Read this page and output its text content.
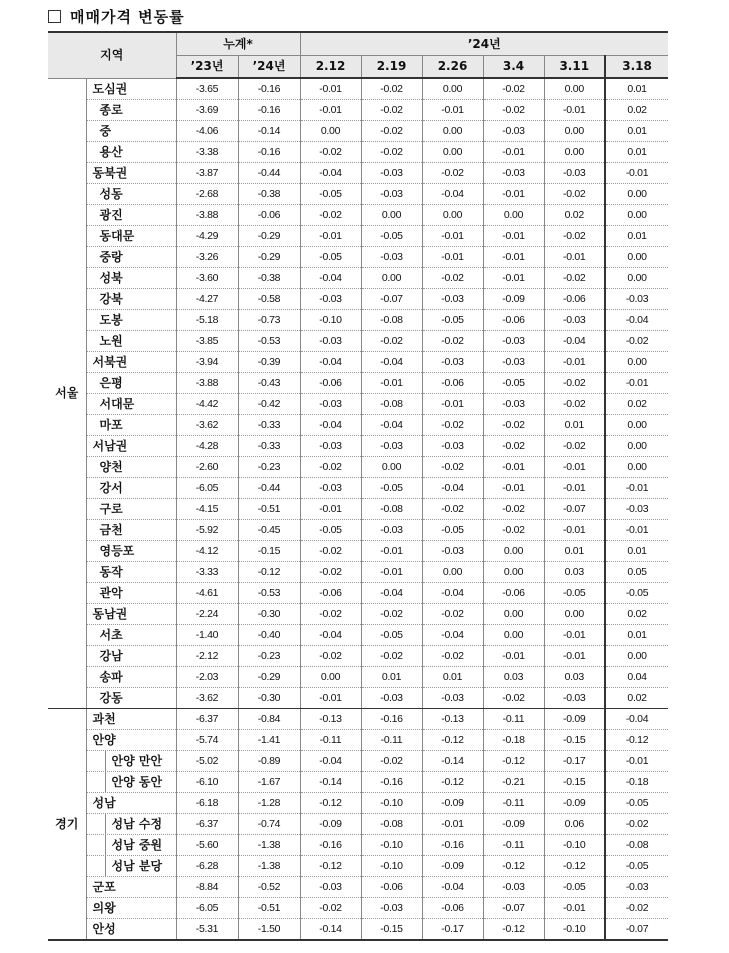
매매가격 변동률
지역		누계*		’24년					
		’23년	’24년	2.12	2.19	2.26	3.4	3.11	3.18
서울	도심권	-3.65	-0.16	-0.01	-0.02	0.00	-0.02	0.00	0.01
	종로	-3.69	-0.16	-0.01	-0.02	-0.01	-0.02	-0.01	0.02
	중	-4.06	-0.14	0.00	-0.02	0.00	-0.03	0.00	0.01
	용산	-3.38	-0.16	-0.02	-0.02	0.00	-0.01	0.00	0.01
	동북권	-3.87	-0.44	-0.04	-0.03	-0.02	-0.03	-0.03	-0.01
	성동	-2.68	-0.38	-0.05	-0.03	-0.04	-0.01	-0.02	0.00
	광진	-3.88	-0.06	-0.02	0.00	0.00	0.00	0.02	0.00
	동대문	-4.29	-0.29	-0.01	-0.05	-0.01	-0.01	-0.02	0.01
	중랑	-3.26	-0.29	-0.05	-0.03	-0.01	-0.01	-0.01	0.00
	성북	-3.60	-0.38	-0.04	0.00	-0.02	-0.01	-0.02	0.00
	강북	-4.27	-0.58	-0.03	-0.07	-0.03	-0.09	-0.06	-0.03
	도봉	-5.18	-0.73	-0.10	-0.08	-0.05	-0.06	-0.03	-0.04
	노원	-3.85	-0.53	-0.03	-0.02	-0.02	-0.03	-0.04	-0.02
	서북권	-3.94	-0.39	-0.04	-0.04	-0.03	-0.03	-0.01	0.00
	은평	-3.88	-0.43	-0.06	-0.01	-0.06	-0.05	-0.02	-0.01
	서대문	-4.42	-0.42	-0.03	-0.08	-0.01	-0.03	-0.02	0.02
	마포	-3.62	-0.33	-0.04	-0.04	-0.02	-0.02	0.01	0.00
	서남권	-4.28	-0.33	-0.03	-0.03	-0.03	-0.02	-0.02	0.00
	양천	-2.60	-0.23	-0.02	0.00	-0.02	-0.01	-0.01	0.00
	강서	-6.05	-0.44	-0.03	-0.05	-0.04	-0.01	-0.01	-0.01
	구로	-4.15	-0.51	-0.01	-0.08	-0.02	-0.02	-0.07	-0.03
	금천	-5.92	-0.45	-0.05	-0.03	-0.05	-0.02	-0.01	-0.01
	영등포	-4.12	-0.15	-0.02	-0.01	-0.03	0.00	0.01	0.01
	동작	-3.33	-0.12	-0.02	-0.01	0.00	0.00	0.03	0.05
	관악	-4.61	-0.53	-0.06	-0.04	-0.04	-0.06	-0.05	-0.05
	동남권	-2.24	-0.30	-0.02	-0.02	-0.02	0.00	0.00	0.02
	서초	-1.40	-0.40	-0.04	-0.05	-0.04	0.00	-0.01	0.01
	강남	-2.12	-0.23	-0.02	-0.02	-0.02	-0.01	-0.01	0.00
	송파	-2.03	-0.29	0.00	0.01	0.01	0.03	0.03	0.04
	강동	-3.62	-0.30	-0.01	-0.03	-0.03	-0.02	-0.03	0.02
경기	과천	-6.37	-0.84	-0.13	-0.16	-0.13	-0.11	-0.09	-0.04
	안양	-5.74	-1.41	-0.11	-0.11	-0.12	-0.18	-0.15	-0.12

	안양 만안	-5.02	-0.89	-0.04	-0.02	-0.14	-0.12	-0.17	-0.01

	안양 동안	-6.10	-1.67	-0.14	-0.16	-0.12	-0.21	-0.15	-0.18
	성남	-6.18	-1.28	-0.12	-0.10	-0.09	-0.11	-0.09	-0.05

	성남 수정	-6.37	-0.74	-0.09	-0.08	-0.01	-0.09	0.06	-0.02

	성남 중원	-5.60	-1.38	-0.16	-0.10	-0.16	-0.11	-0.10	-0.08

	성남 분당	-6.28	-1.38	-0.12	-0.10	-0.09	-0.12	-0.12	-0.05
	군포	-8.84	-0.52	-0.03	-0.06	-0.04	-0.03	-0.05	-0.03
	의왕	-6.05	-0.51	-0.02	-0.03	-0.06	-0.07	-0.01	-0.02
	안성	-5.31	-1.50	-0.14	-0.15	-0.17	-0.12	-0.10	-0.07
